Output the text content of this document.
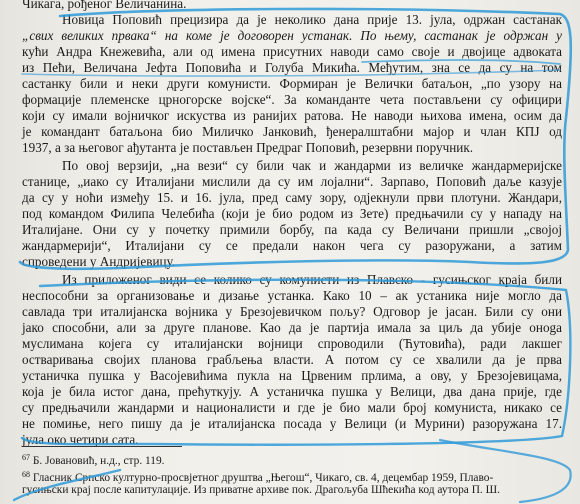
Чикага, рођеног Величанина.
Новица Поповић прецизира да је неколико дана прије 13. јула, одржан састанак
„свих великих првака“ на коме је договорен устанак. По њему, састанак је одржан у
кући Андра Кнежевића, али од имена присутних наводи само своје и двојице адвоката
из Пећи, Величана Јефта Поповића и Голуба Микића. Међутим, зна се да су на том
састанку били и неки други комунисти. Формиран је Велички батаљон, „по узору на
формације племенске црногорске војске“. За команданте чета постављени су официри
који су имали војничког искуства из ранијих ратова. Не наводи њихова имена, осим да
је командант батаљона био Миличко Јанковић, ђенералштабни мајор и члан КПЈ од
1937, а за његовог ађутанта је постављен Предраг Поповић, резервни поручник.
По овој верзији, „на вези“ су били чак и жандарми из величке жандармеријске
станице, „иако су Италијани мислили да су им лојални“. Зарпаво, Поповић даље казује
да су у ноћи између 15. и 16. јула, пред саму зору, одјекнули први плотуни. Жандари,
под командом Филипа Челебића (који је био родом из Зете) предњачили су у нападу на
Италијане. Они су у почетку примили борбу, па када су Величани пришли „својој
жандармерији“, Италијани су се предали након чега су разоружани, а затим
спроведени у Андријевицу.
Из приложеног види се колико су комунисти из Плавско - гусињског краја били
неспособни за организовање и дизање устанка. Како 10 – ак устаника није могло да
савлада три италијанска војника у Брезојевичком пољу? Одговор је јасан. Били су они
јако способни, али за друге планове. Као да је партија имала за циљ да убије оноga
муслимана којега су италијански војници спроводили (Ћутовића), ради лакшег
остваривања својих планова грабљења власти. А потом су се хвалили да је прва
устаничка пушка у Васојевићима пукла на Црвеним прлима, а ову, у Брезојевицама,
која је била истог дана, прећуткују. А устаничка пушка у Велици, два дана прије, где
су предњачили жандарми и националисти и где је био мали број комуниста, никако се
не помиње, него пишу да је италијанска посада у Велици (и Мурини) разоружана 17.
јула око четири сата.
$^{67}$ Б. Јовановић, н.д., стр. 119.
$^{68}$ Гласник Српско културно-просвјетног друштва „Његош“, Чикаго, св. 4, децембар 1959, Плаво-
гусињски крај после капитулације. Из приватне архиве пок. Драгољуба Шћекића код аутора П. Ш.
